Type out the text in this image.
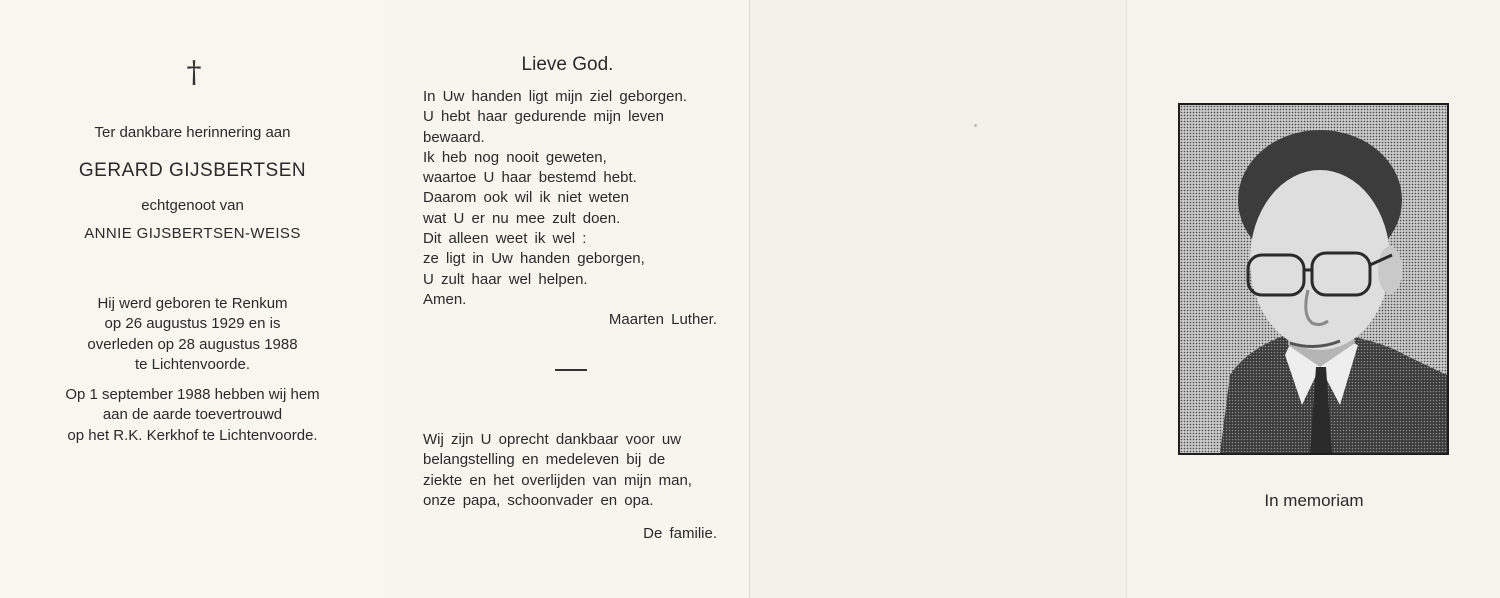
†
Ter dankbare herinnering aan
GERARD GIJSBERTSEN
echtgenoot van
ANNIE GIJSBERTSEN-WEISS
Hij werd geboren te Renkum
op 26 augustus 1929 en is
overleden op 28 augustus 1988
te Lichtenvoorde.
Op 1 september 1988 hebben wij hem
aan de aarde toevertrouwd
op het R.K. Kerkhof te Lichtenvoorde.
Lieve God.
In Uw handen ligt mijn ziel geborgen.
U hebt haar gedurende mijn leven
bewaard.
Ik heb nog nooit geweten,
waartoe U haar bestemd hebt.
Daarom ook wil ik niet weten
wat U er nu mee zult doen.
Dit alleen weet ik wel :
ze ligt in Uw handen geborgen,
U zult haar wel helpen.
Amen.
Maarten Luther.
Wij zijn U oprecht dankbaar voor uw
belangstelling en medeleven bij de
ziekte en het overlijden van mijn man,
onze papa, schoonvader en opa.
De familie.
In memoriam
